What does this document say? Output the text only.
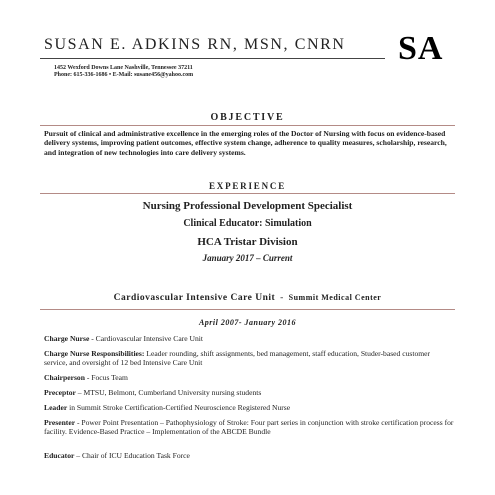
SUSAN E. ADKINS RN, MSN, CNRN SA
1452 Wexford Downs Lane Nashville, Tennessee 37211
Phone: 615-336-1686 • E-Mail: susane456@yahoo.com
OBJECTIVE
Pursuit of clinical and administrative excellence in the emerging roles of the Doctor of Nursing with focus on evidence-based delivery systems, improving patient outcomes, effective system change, adherence to quality measures, scholarship, research, and integration of new technologies into care delivery systems.
EXPERIENCE
Nursing Professional Development Specialist
Clinical Educator: Simulation
HCA Tristar Division
January 2017 – Current
Cardiovascular Intensive Care Unit - Summit Medical Center
April 2007- January 2016
Charge Nurse - Cardiovascular Intensive Care Unit
Charge Nurse Responsibilities: Leader rounding, shift assignments, bed management, staff education, Studer-based customer service, and oversight of 12 bed Intensive Care Unit
Chairperson - Focus Team
Preceptor – MTSU, Belmont, Cumberland University nursing students
Leader in Summit Stroke Certification-Certified Neuroscience Registered Nurse
Presenter - Power Point Presentation – Pathophysiology of Stroke: Four part series in conjunction with stroke certification process for facility. Evidence-Based Practice – Implementation of the ABCDE Bundle
Educator – Chair of ICU Education Task Force
